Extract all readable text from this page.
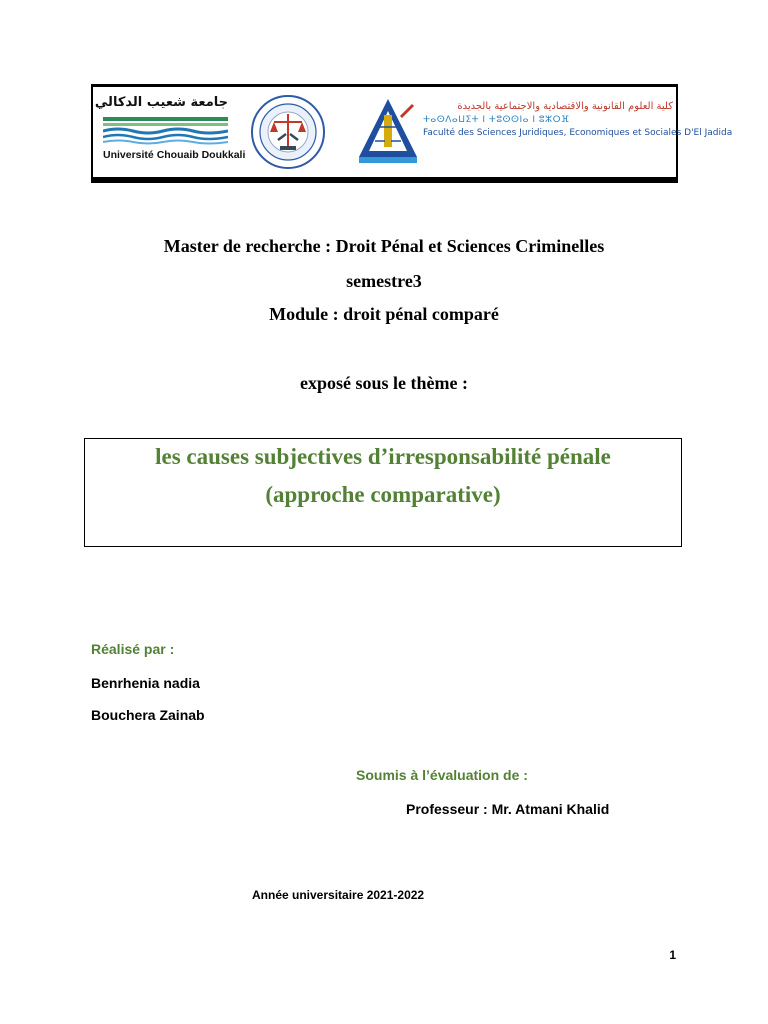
جامعة شعيب الدكالي
Université Chouaib Doukkali
كلية العلوم القانونية والاقتصادية والاجتماعية بالجديدة
ⵜⴰⵙⴷⴰⵡⵉⵜ ⵏ ⵜⵓⵙⵙⵏⴰ ⵏ ⵓⵣⵔⴼ
Faculté des Sciences Juridiques, Economiques et Sociales D'El Jadida
Master de recherche : Droit Pénal et Sciences Criminelles
semestre3
Module : droit pénal comparé
exposé sous le thème :
les causes subjectives d’irresponsabilité pénale
(approche comparative)
Réalisé par :
Benrhenia nadia
Bouchera Zainab
Soumis à l’évaluation de :
Professeur : Mr. Atmani Khalid
Année universitaire 2021-2022
1
